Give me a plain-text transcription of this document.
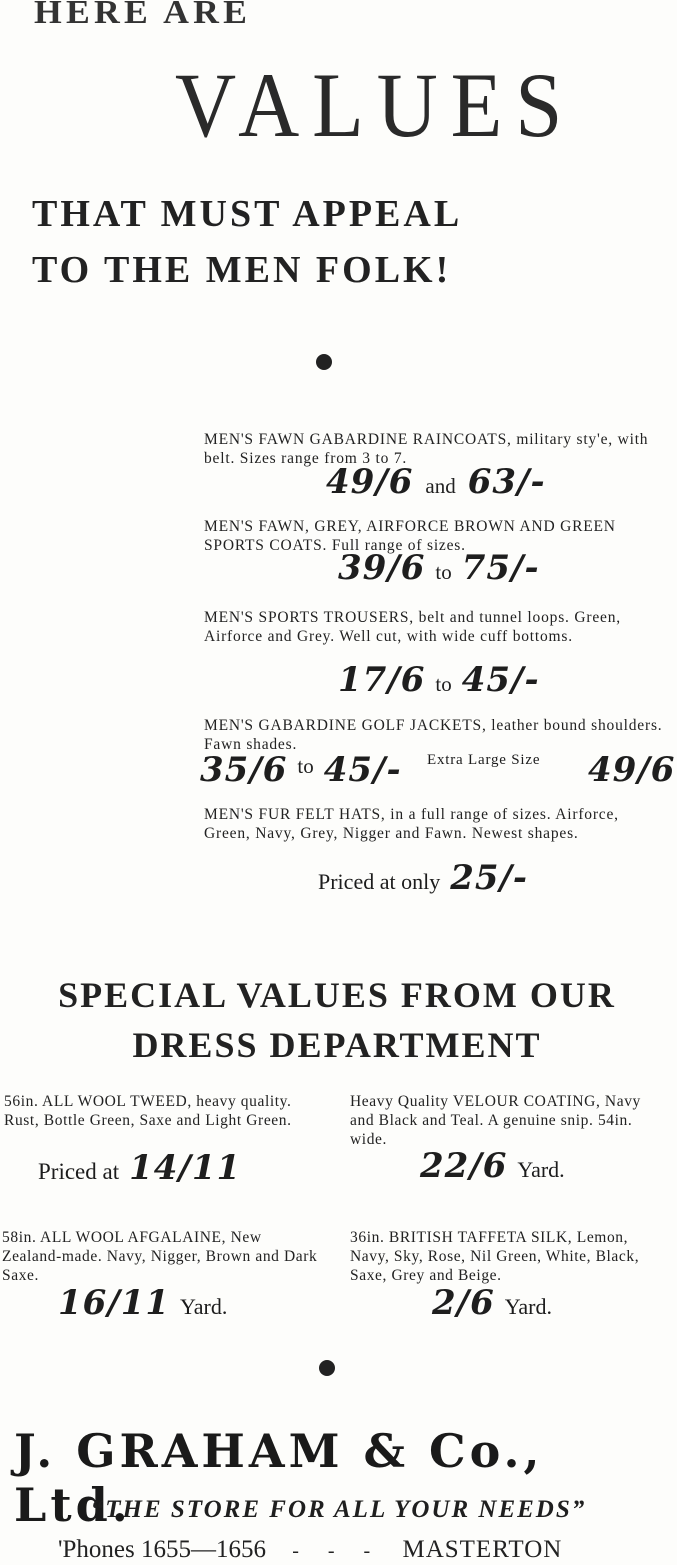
HERE ARE
VALUES
THAT MUST APPEAL
TO THE MEN FOLK!
MEN'S FAWN GABARDINE RAINCOATS, military sty'e, with belt. Sizes range from 3 to 7.
49/6 and 63/-
MEN'S FAWN, GREY, AIRFORCE BROWN AND GREEN SPORTS COATS. Full range of sizes.
39/6 to 75/-
MEN'S SPORTS TROUSERS, belt and tunnel loops. Green, Airforce and Grey. Well cut, with wide cuff bottoms.
17/6 to 45/-
MEN'S GABARDINE GOLF JACKETS, leather bound shoulders. Fawn shades.
35/6 to 45/- Extra Large Size 49/6
MEN'S FUR FELT HATS, in a full range of sizes. Airforce, Green, Navy, Grey, Nigger and Fawn. Newest shapes.
Priced at only 25/-
SPECIAL VALUES FROM OUR DRESS DEPARTMENT
56in. ALL WOOL TWEED, heavy quality. Rust, Bottle Green, Saxe and Light Green.
Priced at 14/11
Heavy Quality VELOUR COATING, Navy and Black and Teal. A genuine snip. 54in. wide.
22/6 Yard.
58in. ALL WOOL AFGALAINE, New Zealand-made. Navy, Nigger, Brown and Dark Saxe.
16/11 Yard.
36in. BRITISH TAFFETA SILK, Lemon, Navy, Sky, Rose, Nil Green, White, Black, Saxe, Grey and Beige.
2/6 Yard.
J. GRAHAM & Co., Ltd.
“THE STORE FOR ALL YOUR NEEDS”
'Phones 1655—1656 - - - MASTERTON
